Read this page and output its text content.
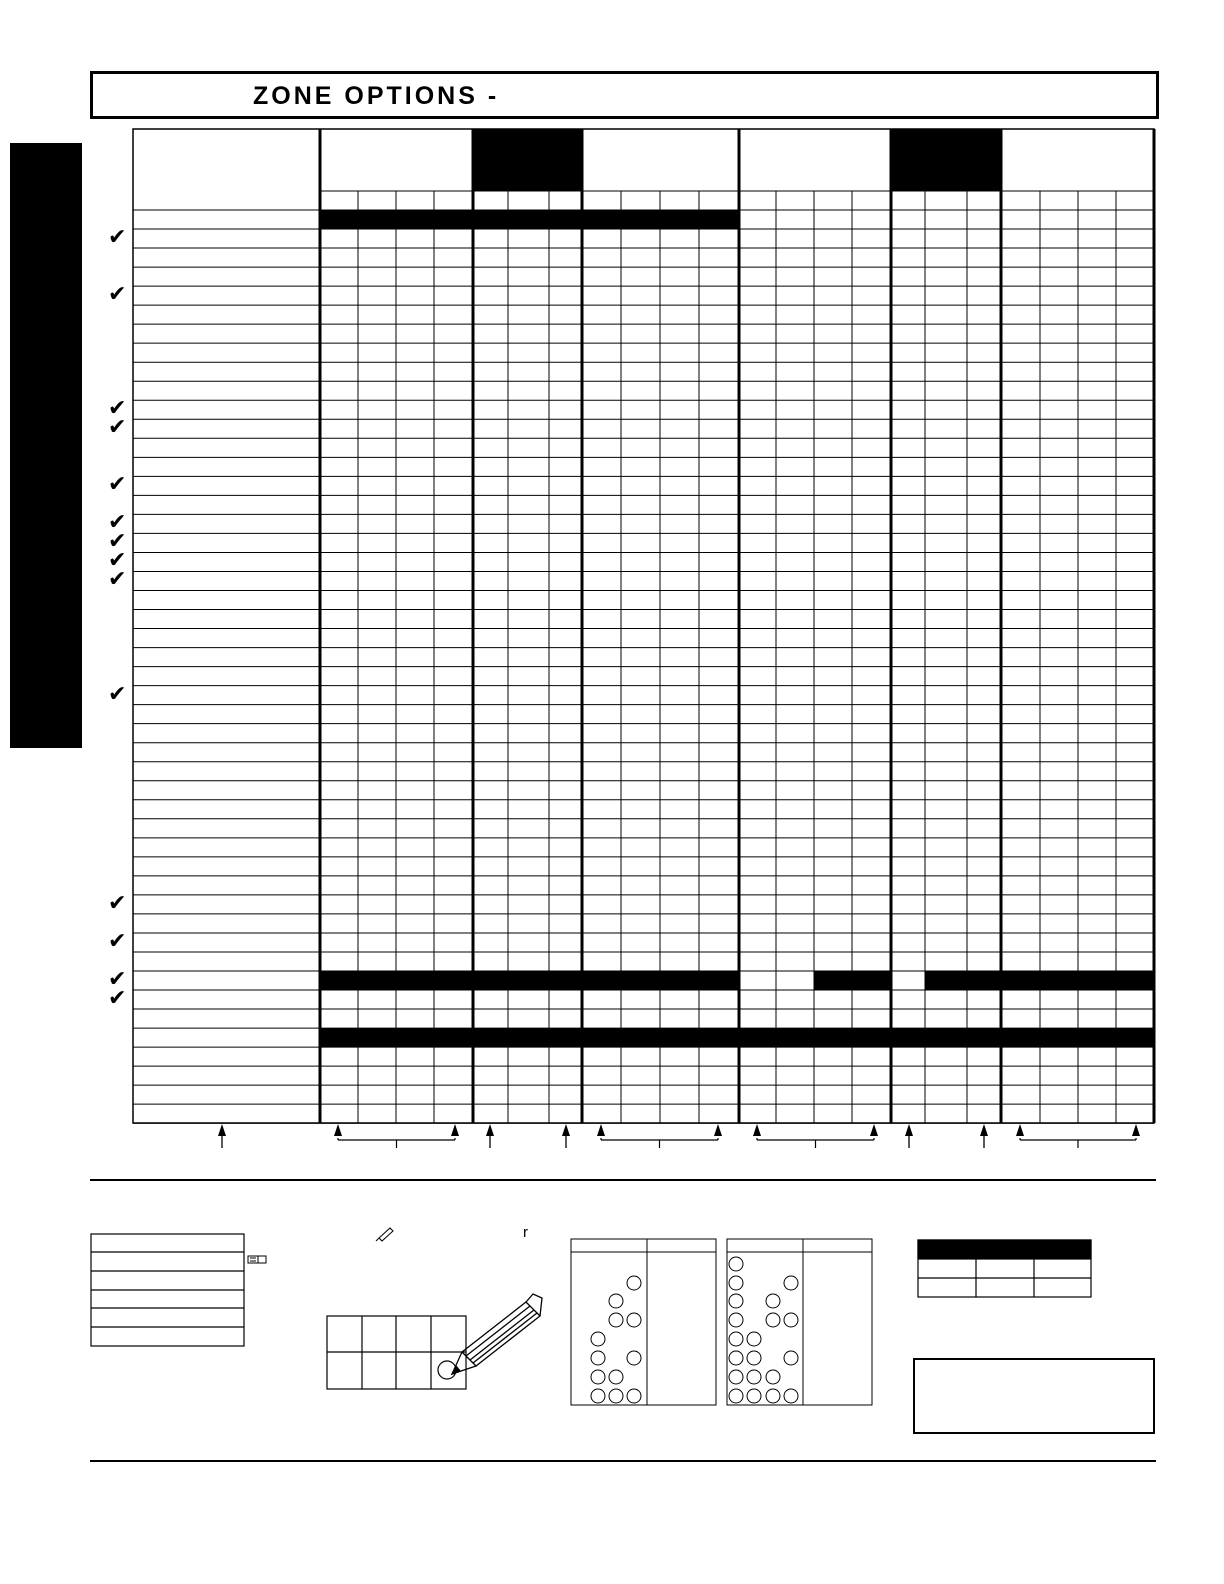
ZONE OPTIONS -
✔
✔
✔
✔
✔
✔
✔
✔
✔
✔
✔
✔
✔
✔
r
